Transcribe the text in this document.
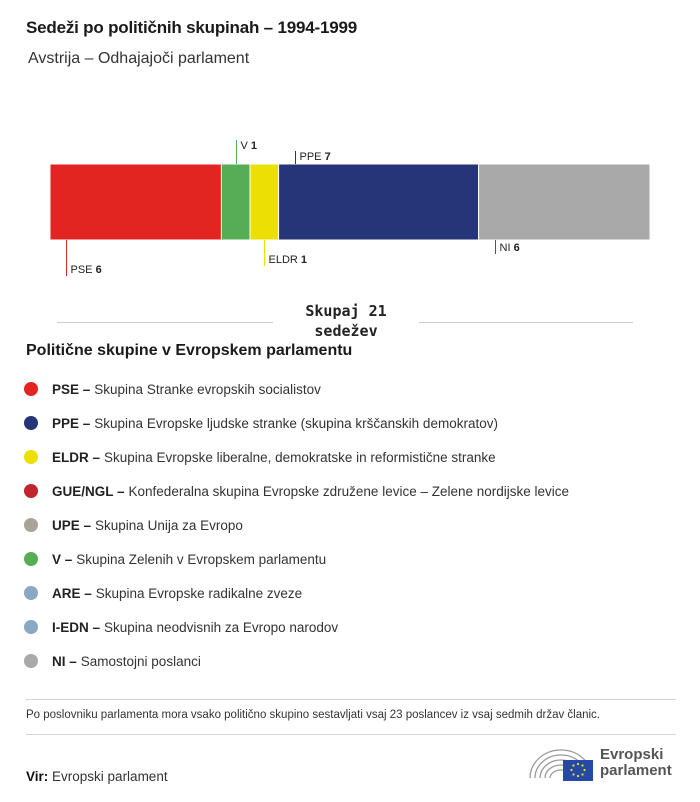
Sedeži po političnih skupinah – 1994-1999
Avstrija – Odhajajoči parlament
PSE 6
V 1
ELDR 1
PPE 7
NI 6
Skupaj 21
sedežev
Politične skupine v Evropskem parlamentu
PSE – Skupina Stranke evropskih socialistov
PPE – Skupina Evropske ljudske stranke (skupina krščanskih demokratov)
ELDR – Skupina Evropske liberalne, demokratske in reformistične stranke
GUE/NGL – Konfederalna skupina Evropske združene levice – Zelene nordijske levice
UPE – Skupina Unija za Evropo
V – Skupina Zelenih v Evropskem parlamentu
ARE – Skupina Evropske radikalne zveze
I-EDN – Skupina neodvisnih za Evropo narodov
NI – Samostojni poslanci
Po poslovniku parlamenta mora vsako politično skupino sestavljati vsaj 23 poslancev iz vsaj sedmih držav članic.
Vir: Evropski parlament
Evropski
parlament
